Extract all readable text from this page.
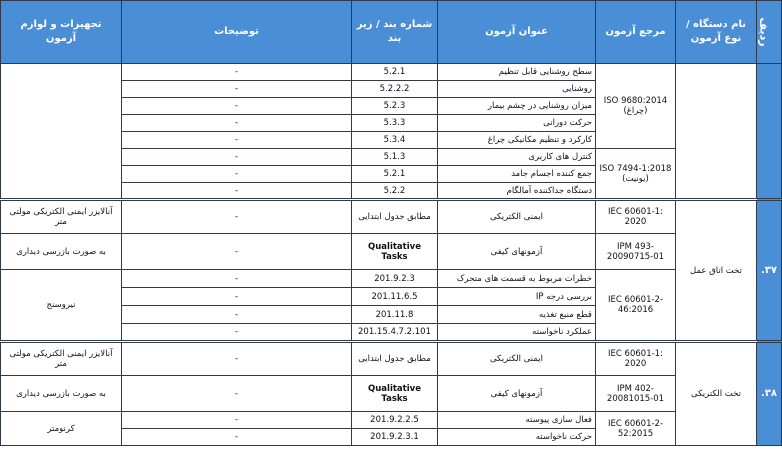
ردیف	نام دستگاه / نوع آزمون	مرجع آزمون	عنوان آزمون	شماره بند / زیر بند	توضیحات	تجهیزات و لوازم آزمون
		ISO 9680:2014 (چراغ)	سطح روشنایی قابل تنظیم	5.2.1	-	
			روشنایی	5.2.2.2	-	
			میزان روشنایی در چشم بیمار	5.2.3	-	
			حرکت دورانی	5.3.3	-	
			کارکرد و تنظیم مکانیکی چراغ	5.3.4	-	
		ISO 7494-1:2018 (یونیت)	کنترل های کاربری	5.1.3	-	
			جمع کننده اجسام جامد	5.2.1	-	
			دستگاه جداکننده آمالگام	5.2.2	-	
۳۷.	تخت اتاق عمل	IEC 60601-1: 2020	ایمنی الکتریکی	مطابق جدول ابتدایی	-	آنالایزر ایمنی الکتریکی مولتی متر
		IPM 493-20090715-01	آزمونهای کیفی	Qualitative Tasks	-	به صورت بازرسی دیداری
		IEC 60601-2-46:2016	خطرات مربوط به قسمت های متحرک	201.9.2.3	-	نیروسنج
			بررسی درجه IP	201.11.6.5	-	
			قطع منبع تغذیه	201.11.8	-	
			عملکرد ناخواسته	201.15.4.7.2.101	-	
۳۸.	تخت الکتریکی	IEC 60601-1: 2020	ایمنی الکتریکی	مطابق جدول ابتدایی	-	آنالایزر ایمنی الکتریکی مولتی متر
		IPM 402-20081015-01	آزمونهای کیفی	Qualitative Tasks	-	به صورت بازرسی دیداری
		IEC 60601-2-52:2015	فعال سازی پیوسته	201.9.2.2.5	-	کرنومتر
			حرکت ناخواسته	201.9.2.3.1	-	
